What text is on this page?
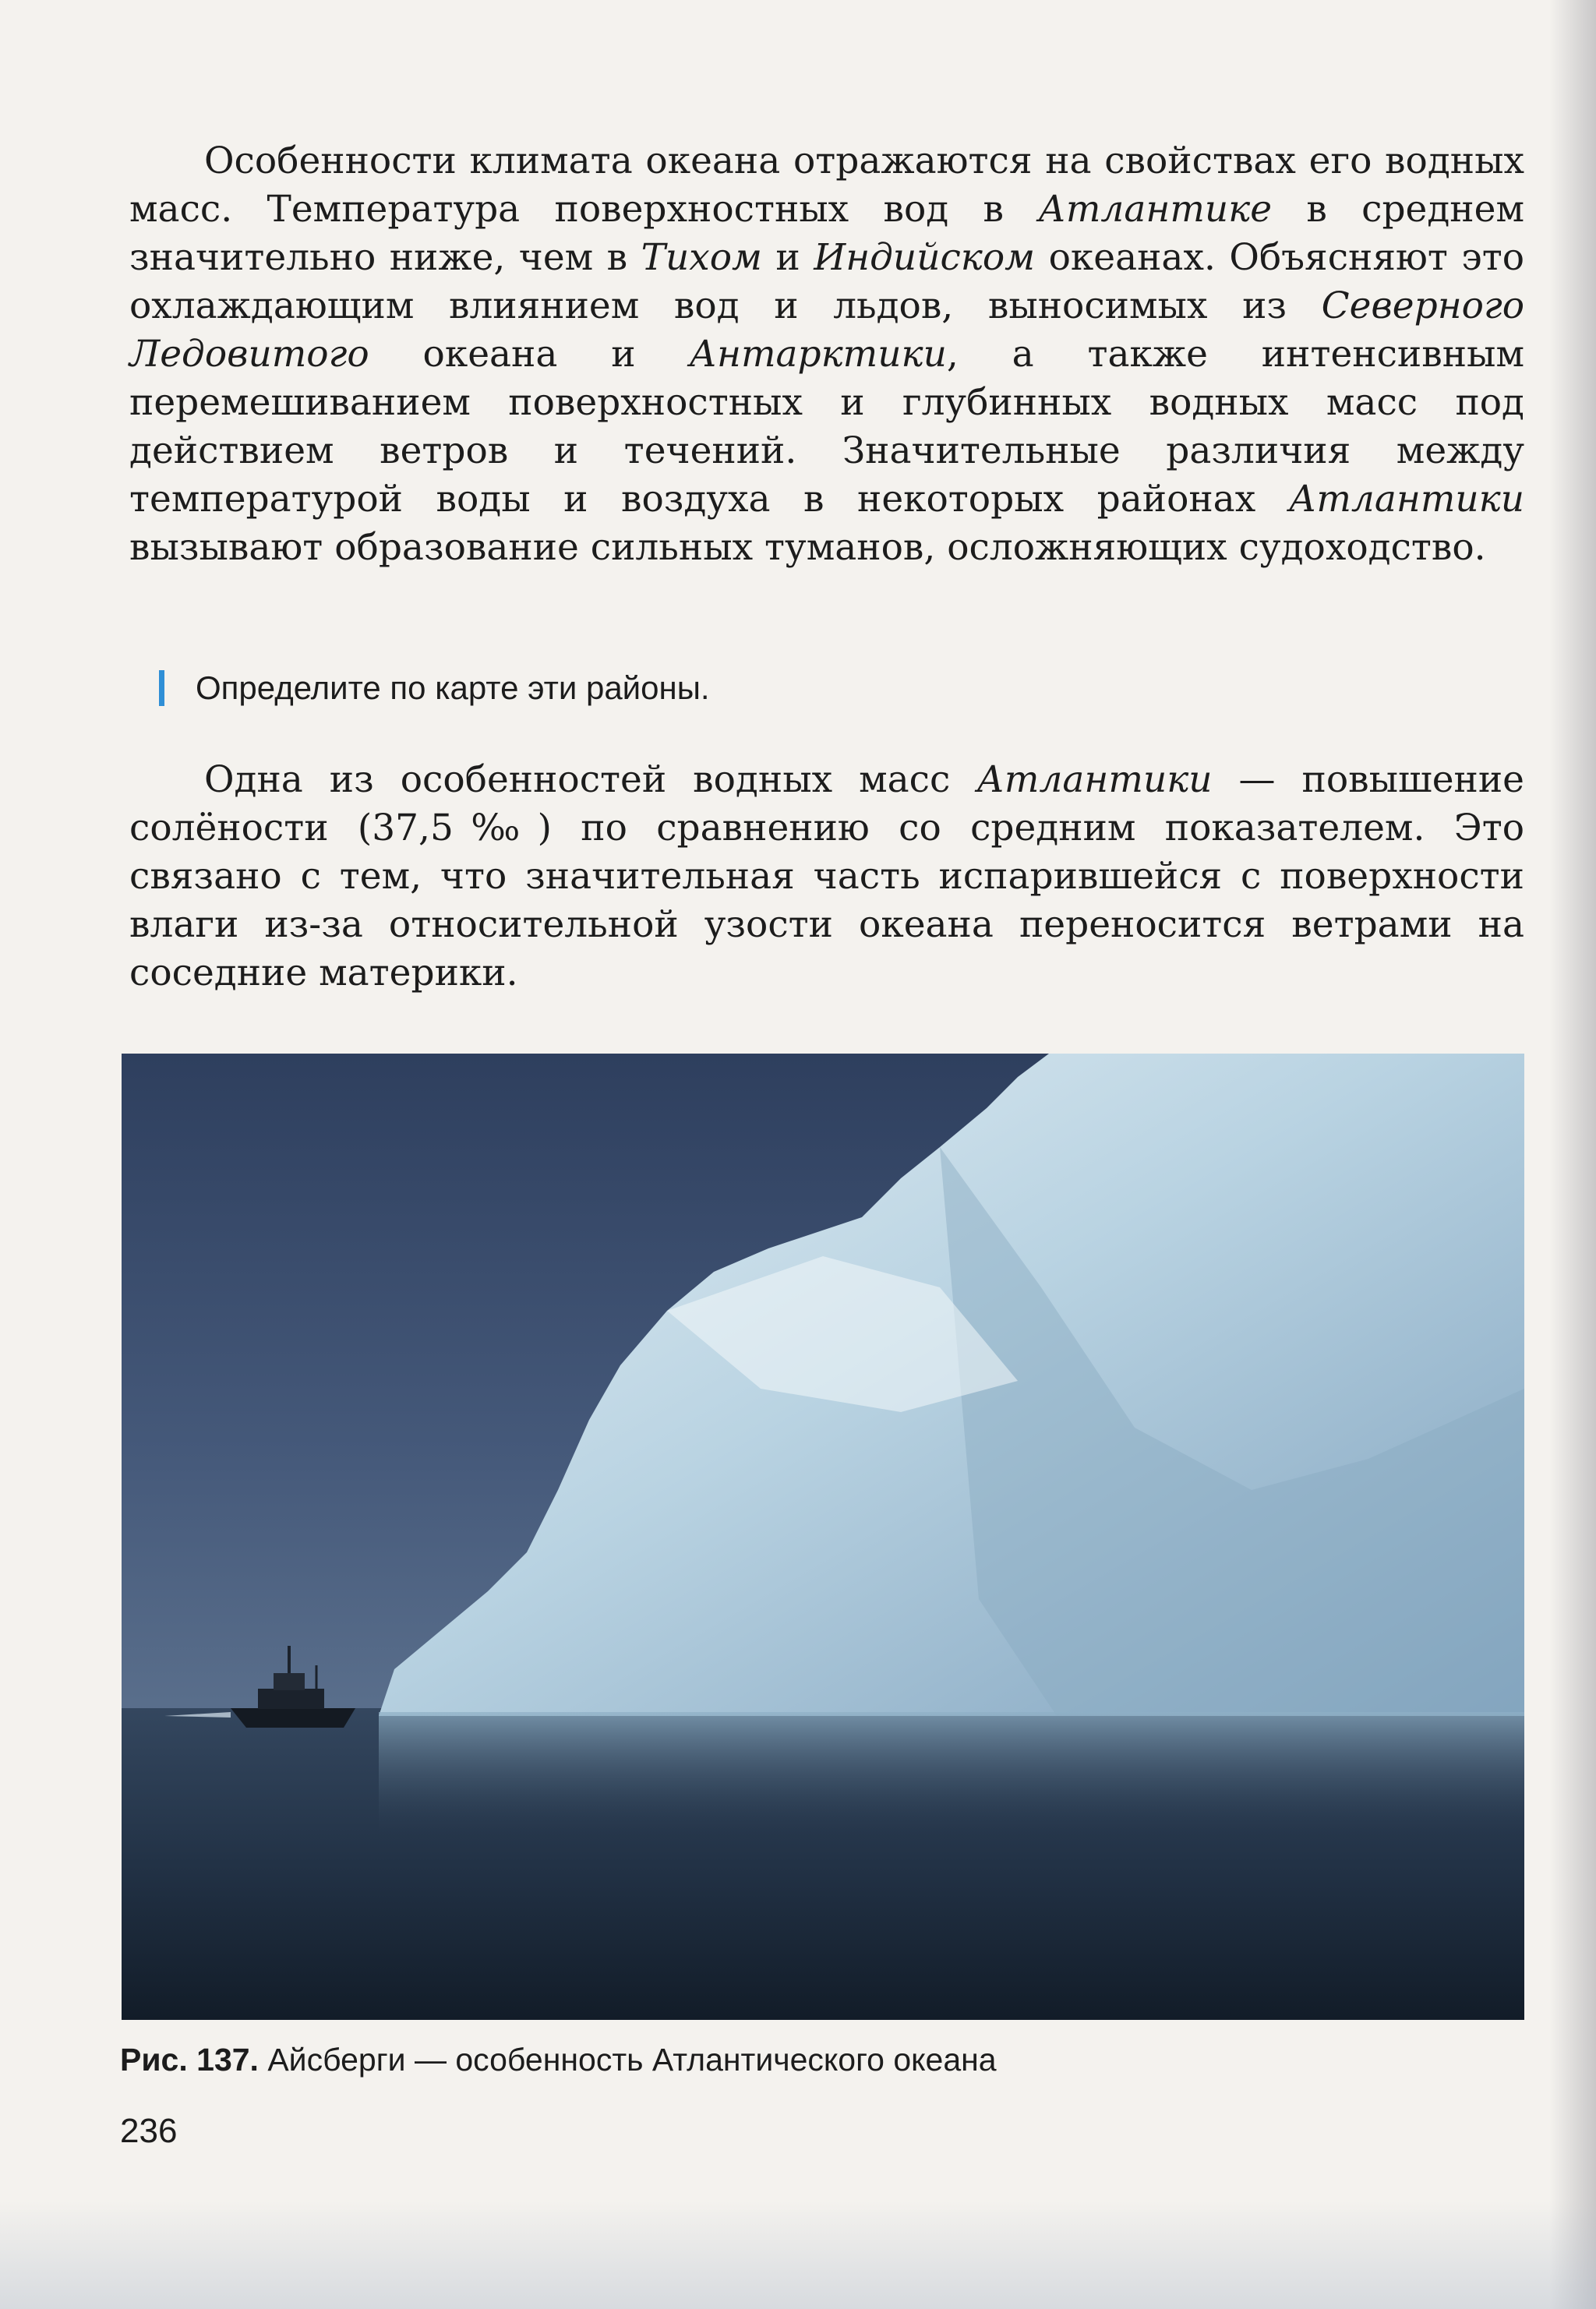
Особенности климата океана отражаются на свойствах его водных масс. Температура поверхностных вод в Атлантике в среднем значительно ниже, чем в Тихом и Индийском океанах. Объясняют это охлаждающим влиянием вод и льдов, выносимых из Северного Ледовитого океана и Антарктики, а также интенсивным перемешиванием поверхностных и глубинных водных масс под действием ветров и течений. Значительные различия между температурой воды и воздуха в некоторых районах Атлантики вызывают образование сильных туманов, осложняющих судоходство.

Определите по карте эти районы.

Одна из особенностей водных масс Атлантики — повышение солёности (37,5‰) по сравнению со средним показателем. Это связано с тем, что значительная часть испарившейся с поверхности влаги из-за относительной узости океана переносится ветрами на соседние материки.

Рис. 137. Айсберги — особенность Атлантического океана
236
